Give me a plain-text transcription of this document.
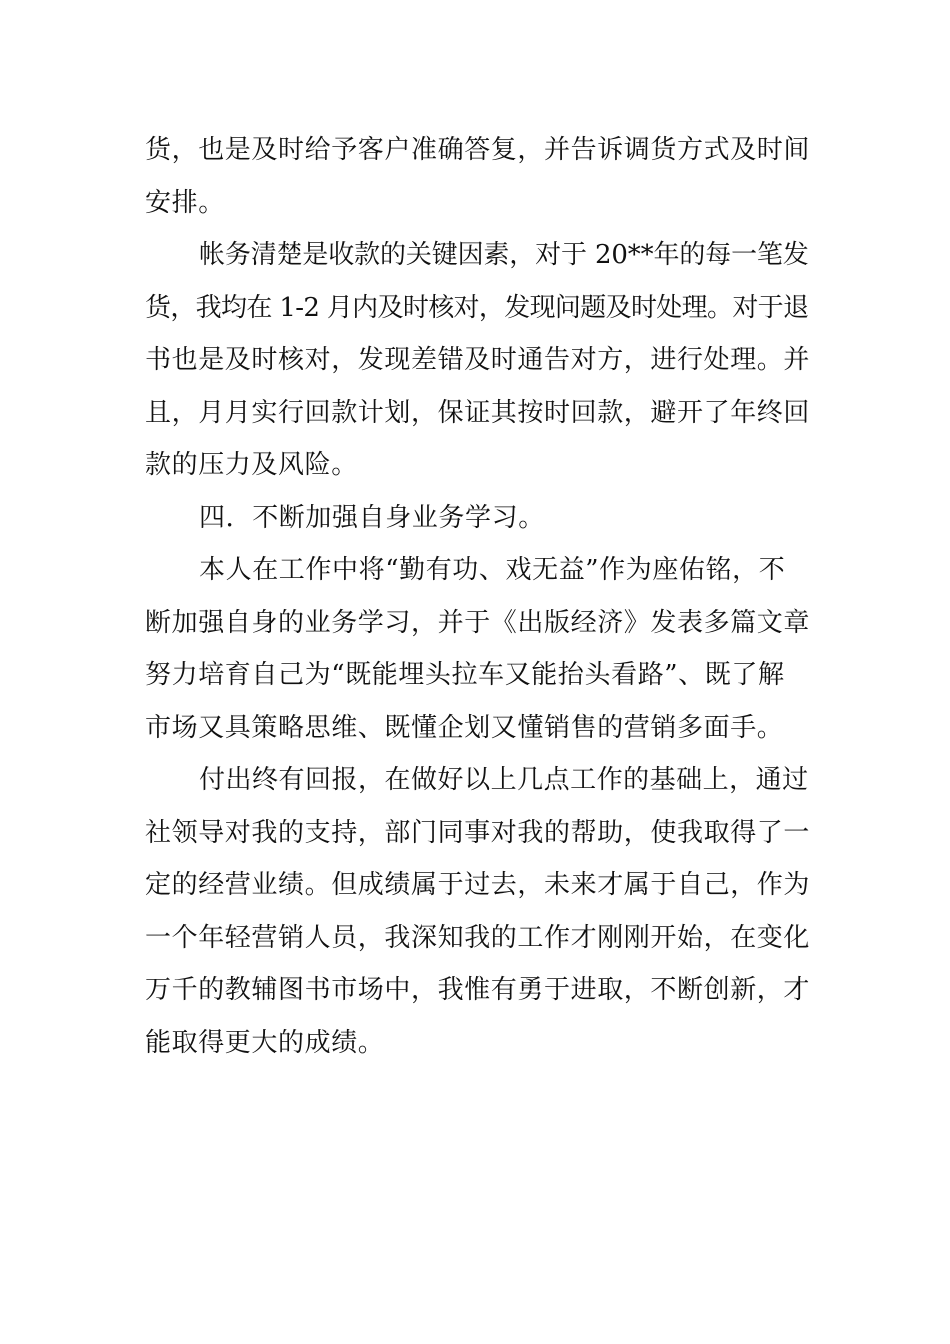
货，也是及时给予客户准确答复，并告诉调货方式及时间
安排。
帐务清楚是收款的关键因素，对于 20**年的每一笔发
货，我均在 1-2 月内及时核对，发现问题及时处理。对于退
书也是及时核对，发现差错及时通告对方，进行处理。并
且，月月实行回款计划，保证其按时回款，避开了年终回
款的压力及风险。
四．不断加强自身业务学习。
本人在工作中将“勤有功、戏无益”作为座佑铭，不
断加强自身的业务学习，并于《出版经济》发表多篇文章
努力培育自己为“既能埋头拉车又能抬头看路”、既了解
市场又具策略思维、既懂企划又懂销售的营销多面手。
付出终有回报，在做好以上几点工作的基础上，通过
社领导对我的支持，部门同事对我的帮助，使我取得了一
定的经营业绩。但成绩属于过去，未来才属于自己，作为
一个年轻营销人员，我深知我的工作才刚刚开始，在变化
万千的教辅图书市场中，我惟有勇于进取，不断创新，才
能取得更大的成绩。
